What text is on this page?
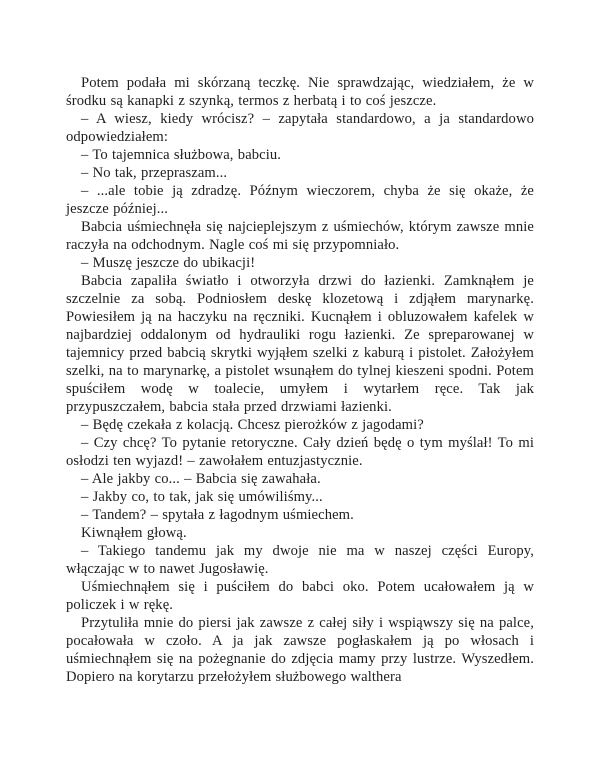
Potem podała mi skórzaną teczkę. Nie sprawdzając, wiedziałem, że w środku są kanapki z szynką, termos z herbatą i to coś jeszcze.

– A wiesz, kiedy wrócisz? – zapytała standardowo, a ja standardowo odpowiedziałem:

– To tajemnica służbowa, babciu.

– No tak, przepraszam...

– ...ale tobie ją zdradzę. Późnym wieczorem, chyba że się okaże, że jeszcze później...

Babcia uśmiechnęła się najcieplejszym z uśmiechów, którym zawsze mnie raczyła na odchodnym. Nagle coś mi się przypomniało.

– Muszę jeszcze do ubikacji!

Babcia zapaliła światło i otworzyła drzwi do łazienki. Zamknąłem je szczelnie za sobą. Podniosłem deskę klozetową i zdjąłem marynarkę. Powiesiłem ją na haczyku na ręczniki. Kucnąłem i obluzowałem kafelek w najbardziej oddalonym od hydrauliki rogu łazienki. Ze spreparowanej w tajemnicy przed babcią skrytki wyjąłem szelki z kaburą i pistolet. Założyłem szelki, na to marynarkę, a pistolet wsunąłem do tylnej kieszeni spodni. Potem spuściłem wodę w toalecie, umyłem i wytarłem ręce. Tak jak przypuszczałem, babcia stała przed drzwiami łazienki.

– Będę czekała z kolacją. Chcesz pierożków z jagodami?

– Czy chcę? To pytanie retoryczne. Cały dzień będę o tym myślał! To mi osłodzi ten wyjazd! – zawołałem entuzjastycznie.

– Ale jakby co... – Babcia się zawahała.

– Jakby co, to tak, jak się umówiliśmy...

– Tandem? – spytała z łagodnym uśmiechem.

Kiwnąłem głową.

– Takiego tandemu jak my dwoje nie ma w naszej części Europy, włączając w to nawet Jugosławię.

Uśmiechnąłem się i puściłem do babci oko. Potem ucałowałem ją w policzek i w rękę.

Przytuliła mnie do piersi jak zawsze z całej siły i wspiąwszy się na palce, pocałowała w czoło. A ja jak zawsze pogłaskałem ją po włosach i uśmiechnąłem się na pożegnanie do zdjęcia mamy przy lustrze. Wyszedłem. Dopiero na korytarzu przełożyłem służbowego walthera
